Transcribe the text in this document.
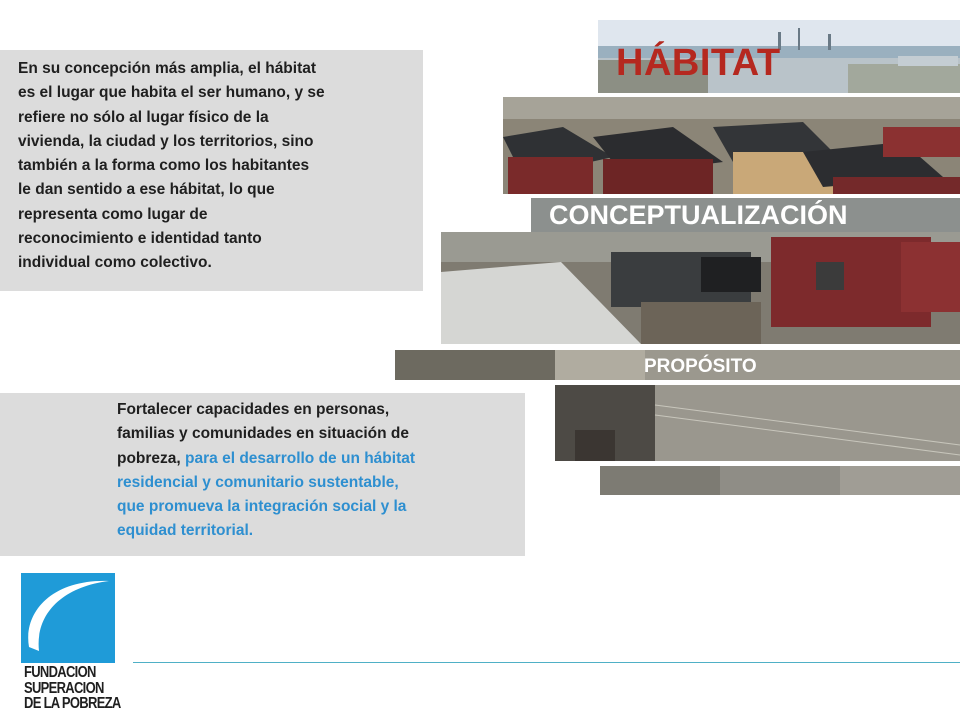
HÁBITAT
CONCEPTUALIZACIÓN
PROPÓSITO
En su concepción más amplia, el hábitat
es el lugar que habita el ser humano, y se
refiere no sólo al lugar físico de la
vivienda, la ciudad y los territorios, sino
también a la forma como los habitantes
le dan sentido a ese hábitat, lo que
representa como lugar de
reconocimiento e identidad tanto
individual como colectivo.
Fortalecer capacidades en personas,
familias y comunidades en situación de
pobreza, para el desarrollo de un hábitat
residencial y comunitario sustentable,
que promueva la integración social y la
equidad territorial.
FUNDACION
SUPERACION
DE LA POBREZA
